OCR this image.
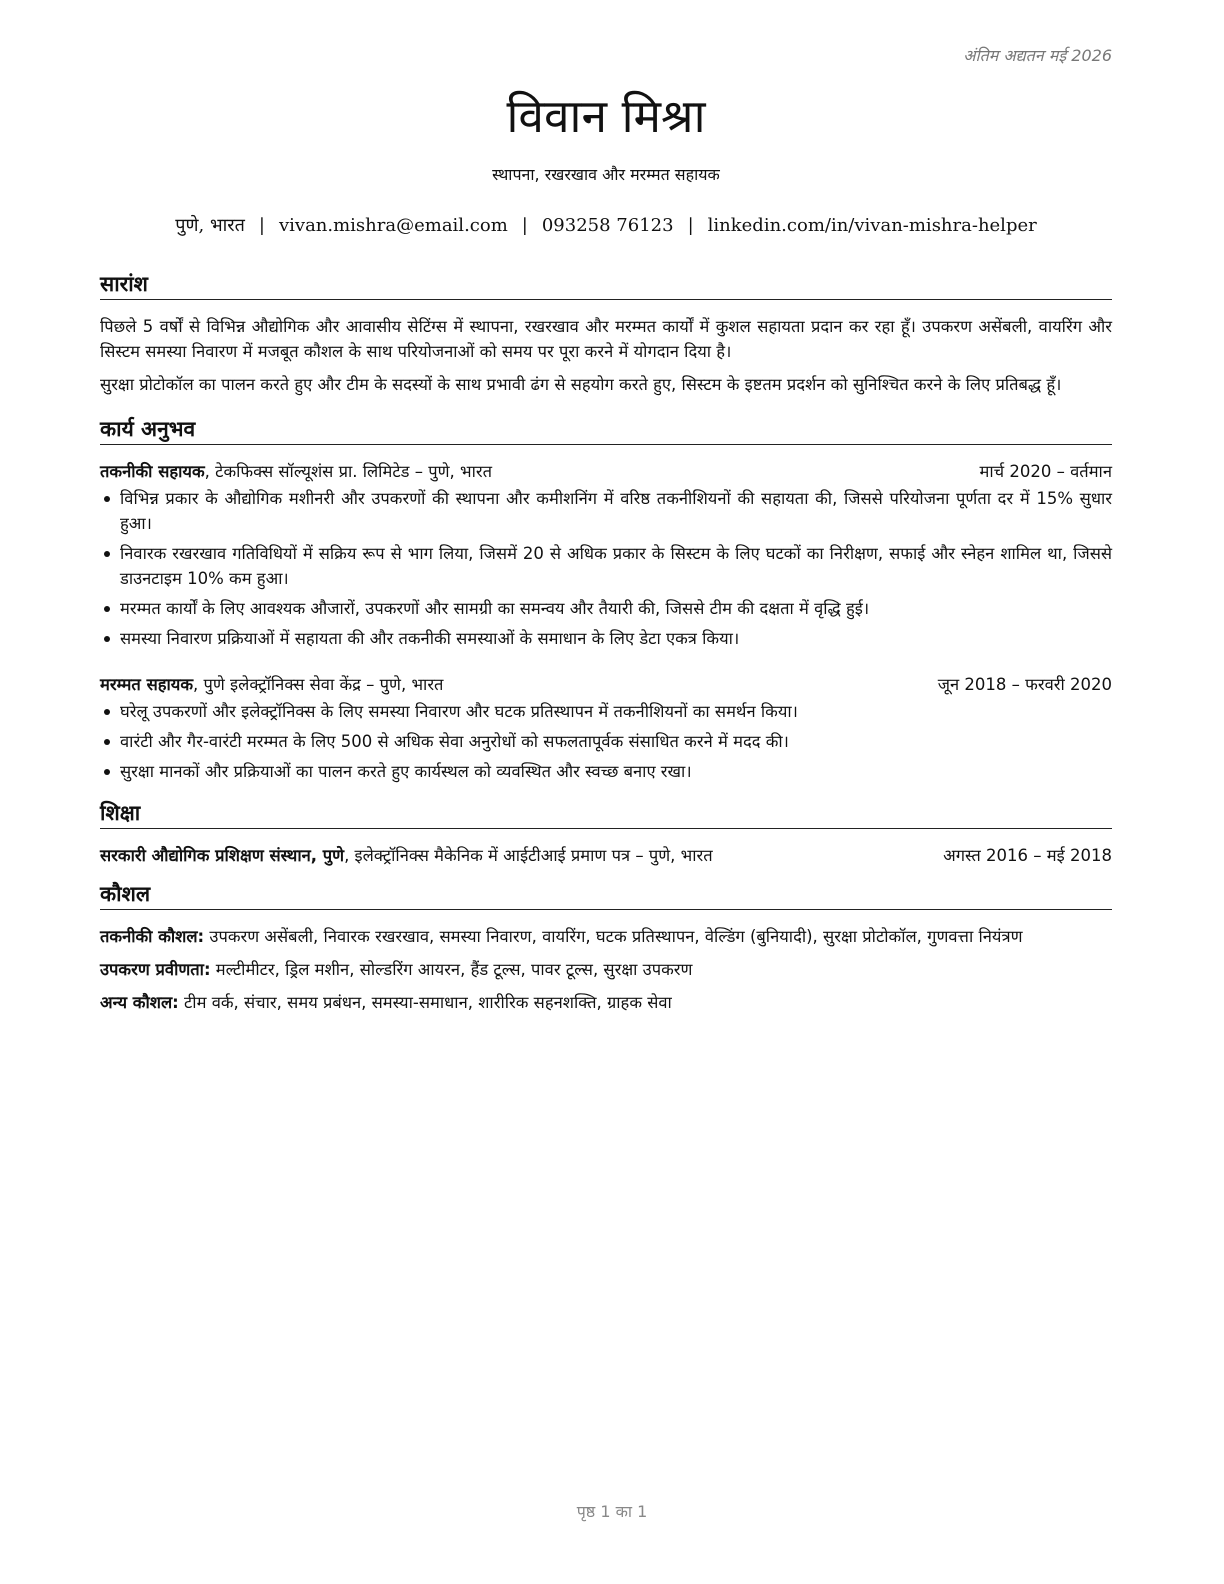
अंतिम अद्यतन मई 2026
विवान मिश्रा
स्थापना, रखरखाव और मरम्मत सहायक
पुणे, भारत | vivan.mishra@email.com | 093258 76123 | linkedin.com/in/vivan-mishra-helper
सारांश

पिछले 5 वर्षों से विभिन्न औद्योगिक और आवासीय सेटिंग्स में स्थापना, रखरखाव और मरम्मत कार्यों में कुशल सहायता प्रदान कर रहा हूँ। उपकरण असेंबली, वायरिंग और सिस्टम समस्या निवारण में मजबूत कौशल के साथ परियोजनाओं को समय पर पूरा करने में योगदान दिया है।

सुरक्षा प्रोटोकॉल का पालन करते हुए और टीम के सदस्यों के साथ प्रभावी ढंग से सहयोग करते हुए, सिस्टम के इष्टतम प्रदर्शन को सुनिश्चित करने के लिए प्रतिबद्ध हूँ।

कार्य अनुभव
तकनीकी सहायक, टेकफिक्स सॉल्यूशंस प्रा. लिमिटेड – पुणे, भारत	मार्च 2020 – वर्तमान
विभिन्न प्रकार के औद्योगिक मशीनरी और उपकरणों की स्थापना और कमीशनिंग में वरिष्ठ तकनीशियनों की सहायता की, जिससे परियोजना पूर्णता दर में 15% सुधार हुआ।
निवारक रखरखाव गतिविधियों में सक्रिय रूप से भाग लिया, जिसमें 20 से अधिक प्रकार के सिस्टम के लिए घटकों का निरीक्षण, सफाई और स्नेहन शामिल था, जिससे डाउनटाइम 10% कम हुआ।
मरम्मत कार्यों के लिए आवश्यक औजारों, उपकरणों और सामग्री का समन्वय और तैयारी की, जिससे टीम की दक्षता में वृद्धि हुई।
समस्या निवारण प्रक्रियाओं में सहायता की और तकनीकी समस्याओं के समाधान के लिए डेटा एकत्र किया।
मरम्मत सहायक, पुणे इलेक्ट्रॉनिक्स सेवा केंद्र – पुणे, भारत	जून 2018 – फरवरी 2020
घरेलू उपकरणों और इलेक्ट्रॉनिक्स के लिए समस्या निवारण और घटक प्रतिस्थापन में तकनीशियनों का समर्थन किया।
वारंटी और गैर-वारंटी मरम्मत के लिए 500 से अधिक सेवा अनुरोधों को सफलतापूर्वक संसाधित करने में मदद की।
सुरक्षा मानकों और प्रक्रियाओं का पालन करते हुए कार्यस्थल को व्यवस्थित और स्वच्छ बनाए रखा।
शिक्षा
सरकारी औद्योगिक प्रशिक्षण संस्थान, पुणे, इलेक्ट्रॉनिक्स मैकेनिक में आईटीआई प्रमाण पत्र – पुणे, भारत	अगस्त 2016 – मई 2018
कौशल

तकनीकी कौशल: उपकरण असेंबली, निवारक रखरखाव, समस्या निवारण, वायरिंग, घटक प्रतिस्थापन, वेल्डिंग (बुनियादी), सुरक्षा प्रोटोकॉल, गुणवत्ता नियंत्रण

उपकरण प्रवीणता: मल्टीमीटर, ड्रिल मशीन, सोल्डरिंग आयरन, हैंड टूल्स, पावर टूल्स, सुरक्षा उपकरण

अन्य कौशल: टीम वर्क, संचार, समय प्रबंधन, समस्या-समाधान, शारीरिक सहनशक्ति, ग्राहक सेवा

पृष्ठ 1 का 1
